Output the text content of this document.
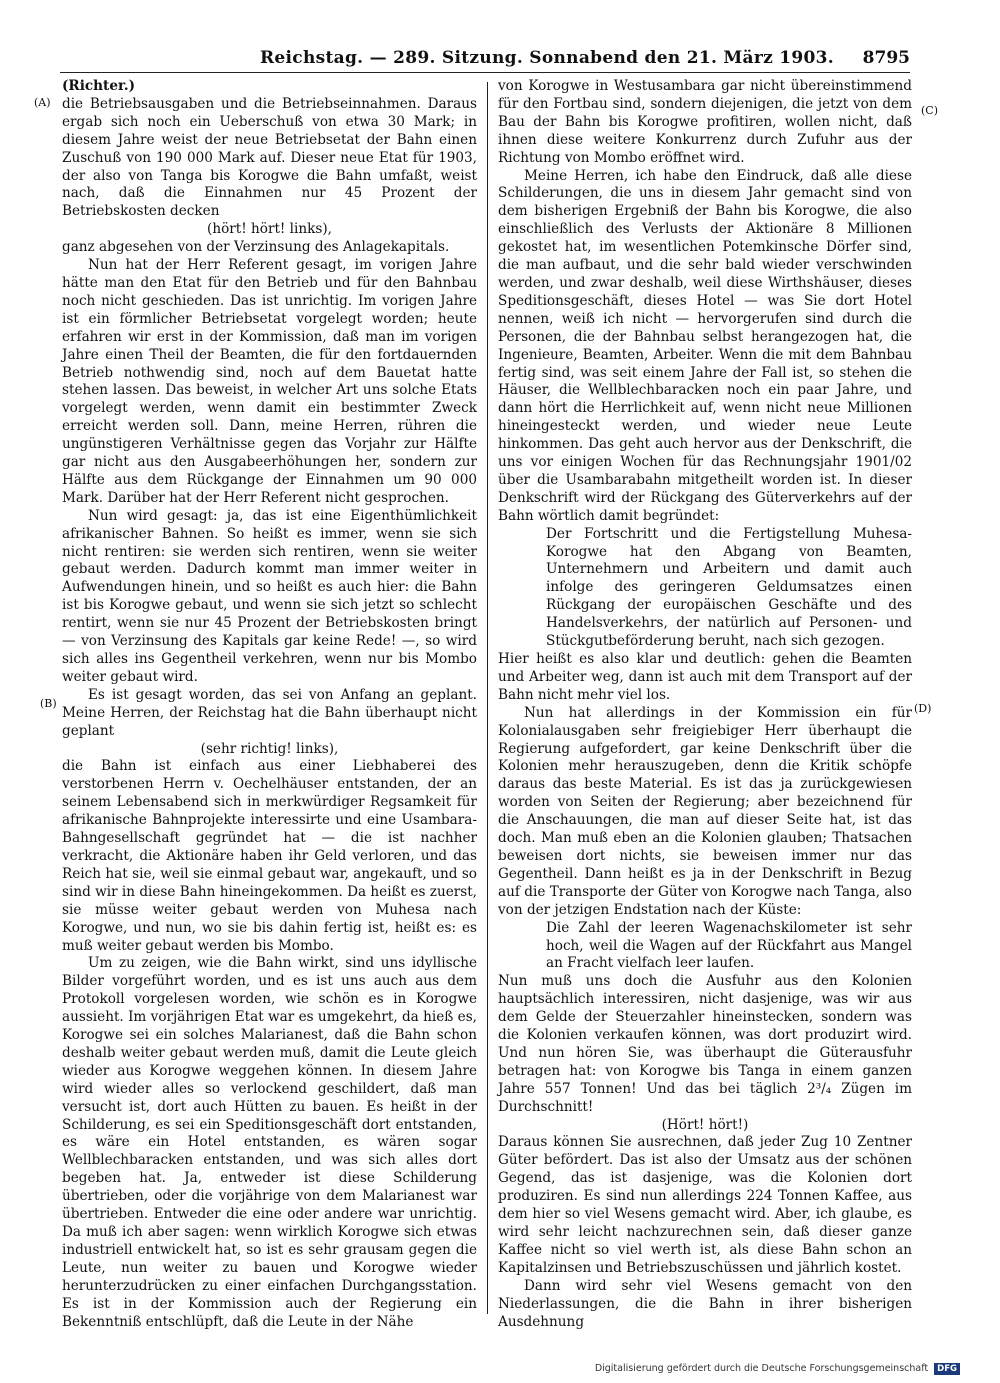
Reichstag. — 289. Sitzung. Sonnabend den 21. März 1903. 8795
(A)
(B)
(C)
(D)

(Richter.)

die Betriebsausgaben und die Betriebseinnahmen. Daraus ergab sich noch ein Ueberschuß von etwa 30 Mark; in diesem Jahre weist der neue Betriebsetat der Bahn einen Zuschuß von 190 000 Mark auf. Dieser neue Etat für 1903, der also von Tanga bis Korogwe die Bahn umfaßt, weist nach, daß die Einnahmen nur 45 Prozent der Betriebskosten decken

(hört! hört! links),

ganz abgesehen von der Verzinsung des Anlagekapitals.

Nun hat der Herr Referent gesagt, im vorigen Jahre hätte man den Etat für den Betrieb und für den Bahnbau noch nicht geschieden. Das ist unrichtig. Im vorigen Jahre ist ein förmlicher Betriebsetat vorgelegt worden; heute erfahren wir erst in der Kommission, daß man im vorigen Jahre einen Theil der Beamten, die für den fortdauernden Betrieb nothwendig sind, noch auf dem Bauetat hatte stehen lassen. Das beweist, in welcher Art uns solche Etats vorgelegt werden, wenn damit ein bestimmter Zweck erreicht werden soll. Dann, meine Herren, rühren die ungünstigeren Verhältnisse gegen das Vorjahr zur Hälfte gar nicht aus den Ausgabeerhöhungen her, sondern zur Hälfte aus dem Rückgange der Einnahmen um 90 000 Mark. Darüber hat der Herr Referent nicht gesprochen.

Nun wird gesagt: ja, das ist eine Eigenthümlichkeit afrikanischer Bahnen. So heißt es immer, wenn sie sich nicht rentiren: sie werden sich rentiren, wenn sie weiter gebaut werden. Dadurch kommt man immer weiter in Aufwendungen hinein, und so heißt es auch hier: die Bahn ist bis Korogwe gebaut, und wenn sie sich jetzt so schlecht rentirt, wenn sie nur 45 Prozent der Betriebskosten bringt — von Verzinsung des Kapitals gar keine Rede! —, so wird sich alles ins Gegentheil verkehren, wenn nur bis Mombo weiter gebaut wird.

Es ist gesagt worden, das sei von Anfang an geplant. Meine Herren, der Reichstag hat die Bahn überhaupt nicht geplant

(sehr richtig! links),

die Bahn ist einfach aus einer Liebhaberei des verstorbenen Herrn v. Oechelhäuser entstanden, der an seinem Lebensabend sich in merkwürdiger Regsamkeit für afrikanische Bahnprojekte interessirte und eine Usambara-Bahngesellschaft gegründet hat — die ist nachher verkracht, die Aktionäre haben ihr Geld verloren, und das Reich hat sie, weil sie einmal gebaut war, angekauft, und so sind wir in diese Bahn hineingekommen. Da heißt es zuerst, sie müsse weiter gebaut werden von Muhesa nach Korogwe, und nun, wo sie bis dahin fertig ist, heißt es: es muß weiter gebaut werden bis Mombo.

Um zu zeigen, wie die Bahn wirkt, sind uns idyllische Bilder vorgeführt worden, und es ist uns auch aus dem Protokoll vorgelesen worden, wie schön es in Korogwe aussieht. Im vorjährigen Etat war es umgekehrt, da hieß es, Korogwe sei ein solches Malarianest, daß die Bahn schon deshalb weiter gebaut werden muß, damit die Leute gleich wieder aus Korogwe weggehen können. In diesem Jahre wird wieder alles so verlockend geschildert, daß man versucht ist, dort auch Hütten zu bauen. Es heißt in der Schilderung, es sei ein Speditionsgeschäft dort entstanden, es wäre ein Hotel entstanden, es wären sogar Wellblechbaracken entstanden, und was sich alles dort begeben hat. Ja, entweder ist diese Schilderung übertrieben, oder die vorjährige von dem Malarianest war übertrieben. Entweder die eine oder andere war unrichtig. Da muß ich aber sagen: wenn wirklich Korogwe sich etwas industriell entwickelt hat, so ist es sehr grausam gegen die Leute, nun weiter zu bauen und Korogwe wieder herunterzudrücken zu einer einfachen Durchgangsstation. Es ist in der Kommission auch der Regierung ein Bekenntniß entschlüpft, daß die Leute in der Nähe

von Korogwe in Westusambara gar nicht übereinstimmend für den Fortbau sind, sondern diejenigen, die jetzt von dem Bau der Bahn bis Korogwe profitiren, wollen nicht, daß ihnen diese weitere Konkurrenz durch Zufuhr aus der Richtung von Mombo eröffnet wird.

Meine Herren, ich habe den Eindruck, daß alle diese Schilderungen, die uns in diesem Jahr gemacht sind von dem bisherigen Ergebniß der Bahn bis Korogwe, die also einschließlich des Verlusts der Aktionäre 8 Millionen gekostet hat, im wesentlichen Potemkinsche Dörfer sind, die man aufbaut, und die sehr bald wieder verschwinden werden, und zwar deshalb, weil diese Wirthshäuser, dieses Speditionsgeschäft, dieses Hotel — was Sie dort Hotel nennen, weiß ich nicht — hervorgerufen sind durch die Personen, die der Bahnbau selbst herangezogen hat, die Ingenieure, Beamten, Arbeiter. Wenn die mit dem Bahnbau fertig sind, was seit einem Jahre der Fall ist, so stehen die Häuser, die Wellblechbaracken noch ein paar Jahre, und dann hört die Herrlichkeit auf, wenn nicht neue Millionen hineingesteckt werden, und wieder neue Leute hinkommen. Das geht auch hervor aus der Denkschrift, die uns vor einigen Wochen für das Rechnungsjahr 1901/02 über die Usambarabahn mitgetheilt worden ist. In dieser Denkschrift wird der Rückgang des Güterverkehrs auf der Bahn wörtlich damit begründet:

Der Fortschritt und die Fertigstellung Muhesa-Korogwe hat den Abgang von Beamten, Unternehmern und Arbeitern und damit auch infolge des geringeren Geldumsatzes einen Rückgang der europäischen Geschäfte und des Handelsverkehrs, der natürlich auf Personen- und Stückgutbeförderung beruht, nach sich gezogen.

Hier heißt es also klar und deutlich: gehen die Beamten und Arbeiter weg, dann ist auch mit dem Transport auf der Bahn nicht mehr viel los.

Nun hat allerdings in der Kommission ein für Kolonialausgaben sehr freigiebiger Herr überhaupt die Regierung aufgefordert, gar keine Denkschrift über die Kolonien mehr herauszugeben, denn die Kritik schöpfe daraus das beste Material. Es ist das ja zurückgewiesen worden von Seiten der Regierung; aber bezeichnend für die Anschauungen, die man auf dieser Seite hat, ist das doch. Man muß eben an die Kolonien glauben; Thatsachen beweisen dort nichts, sie beweisen immer nur das Gegentheil. Dann heißt es ja in der Denkschrift in Bezug auf die Transporte der Güter von Korogwe nach Tanga, also von der jetzigen Endstation nach der Küste:

Die Zahl der leeren Wagenachskilometer ist sehr hoch, weil die Wagen auf der Rückfahrt aus Mangel an Fracht vielfach leer laufen.

Nun muß uns doch die Ausfuhr aus den Kolonien hauptsächlich interessiren, nicht dasjenige, was wir aus dem Gelde der Steuerzahler hineinstecken, sondern was die Kolonien verkaufen können, was dort produzirt wird. Und nun hören Sie, was überhaupt die Güterausfuhr betragen hat: von Korogwe bis Tanga in einem ganzen Jahre 557 Tonnen! Und das bei täglich 2³/₄ Zügen im Durchschnitt!

(Hört! hört!)

Daraus können Sie ausrechnen, daß jeder Zug 10 Zentner Güter befördert. Das ist also der Umsatz aus der schönen Gegend, das ist dasjenige, was die Kolonien dort produziren. Es sind nun allerdings 224 Tonnen Kaffee, aus dem hier so viel Wesens gemacht wird. Aber, ich glaube, es wird sehr leicht nachzurechnen sein, daß dieser ganze Kaffee nicht so viel werth ist, als diese Bahn schon an Kapitalzinsen und Betriebszuschüssen und jährlich kostet.

Dann wird sehr viel Wesens gemacht von den Niederlassungen, die die Bahn in ihrer bisherigen Ausdehnung

Digitalisierung gefördert durch die Deutsche Forschungsgemeinschaft DFG
